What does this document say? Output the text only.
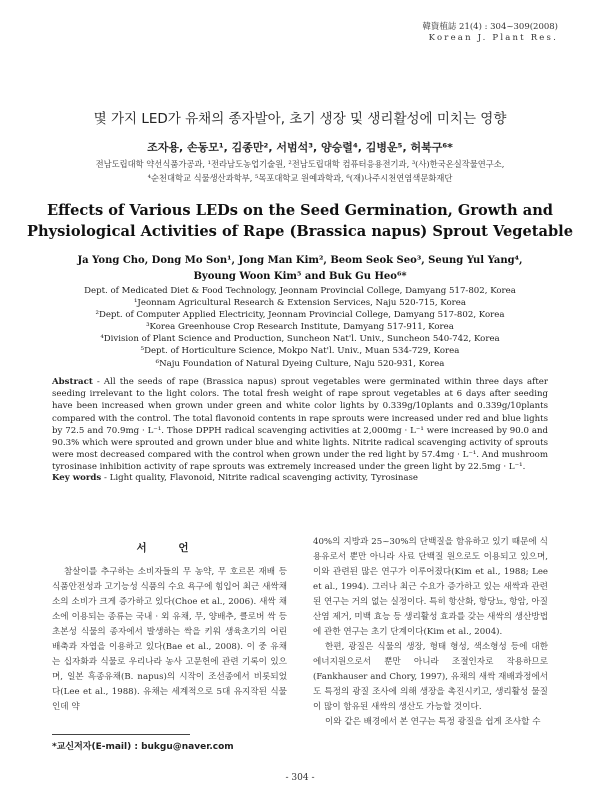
韓資植誌 21(4) : 304~309(2008)
Korean J. Plant Res.
몇 가지 LED가 유채의 종자발아, 초기 생장 및 생리활성에 미치는 영향
조자용, 손동모¹, 김종만², 서범석³, 양승렬⁴, 김병운⁵, 허북구⁶*
전남도립대학 약선식품가공과, ¹전라남도농업기술원, ²전남도립대학 컴퓨터응용전기과, ³(사)한국온실작물연구소,
⁴순천대학교 식물생산과학부, ⁵목포대학교 원예과학과, ⁶(재)나주시천연염색문화재단
Effects of Various LEDs on the Seed Germination, Growth and
Physiological Activities of Rape (Brassica napus) Sprout Vegetable
Ja Yong Cho, Dong Mo Son¹, Jong Man Kim², Beom Seok Seo³, Seung Yul Yang⁴,
Byoung Woon Kim⁵ and Buk Gu Heo⁶*
Dept. of Medicated Diet & Food Technology, Jeonnam Provincial College, Damyang 517-802, Korea
¹Jeonnam Agricultural Research & Extension Services, Naju 520-715, Korea
²Dept. of Computer Applied Electricity, Jeonnam Provincial College, Damyang 517-802, Korea
³Korea Greenhouse Crop Research Institute, Damyang 517-911, Korea
⁴Division of Plant Science and Production, Suncheon Nat'l. Univ., Suncheon 540-742, Korea
⁵Dept. of Horticulture Science, Mokpo Nat'l. Univ., Muan 534-729, Korea
⁶Naju Foundation of Natural Dyeing Culture, Naju 520-931, Korea
Abstract - All the seeds of rape (Brassica napus) sprout vegetables were germinated within three days after seeding irrelevant to the light colors. The total fresh weight of rape sprout vegetables at 6 days after seeding have been increased when grown under green and white color lights by 0.339g/10plants and 0.339g/10plants compared with the control. The total flavonoid contents in rape sprouts were increased under red and blue lights by 72.5 and 70.9mg · L⁻¹. Those DPPH radical scavenging activities at 2,000mg · L⁻¹ were increased by 90.0 and 90.3% which were sprouted and grown under blue and white lights. Nitrite radical scavenging activity of sprouts were most decreased compared with the control when grown under the red light by 57.4mg · L⁻¹. And mushroom tyrosinase inhibition activity of rape sprouts was extremely increased under the green light by 22.5mg · L⁻¹.
Key words - Light quality, Flavonoid, Nitrite radical scavenging activity, Tyrosinase
서 언

참살이를 추구하는 소비자들의 무 농약, 무 호르몬 재배 등 식품안전성과 고기능성 식품의 수요 욕구에 힘입어 최근 새싹채소의 소비가 크게 증가하고 있다(Choe et al., 2006). 새싹 채소에 이용되는 종류는 국내 · 외 유채, 무, 양배추, 클로버 싹 등 초본성 식물의 종자에서 발생하는 싹을 키워 생육초기의 어린 배축과 자엽을 이용하고 있다(Bae et al., 2008). 이 중 유채는 십자화과 식물로 우리나라 농사 고문헌에 관련 기록이 있으며, 일본 흑종유채(B. napus)의 시작이 조선종에서 비롯되었다(Lee et al., 1988). 유채는 세계적으로 5대 유지작된 식물인데 약

40%의 지방과 25~30%의 단백질을 함유하고 있기 때문에 식용유로서 뿐만 아니라 사료 단백질 원으로도 이용되고 있으며, 이와 관련된 많은 연구가 이루어졌다(Kim et al., 1988; Lee et al., 1994). 그러나 최근 수요가 증가하고 있는 새싹과 관련된 연구는 거의 없는 실정이다. 특히 항산화, 항당뇨, 항암, 아질산염 제거, 미백 효능 등 생리활성 효과를 갖는 새싹의 생산방법에 관한 연구는 초기 단계이다(Kim et al., 2004).

한편, 광질은 식물의 생장, 형태 형성, 색소형성 등에 대한 에너지원으로서 뿐만 아니라 조절인자로 작용하므로(Fankhauser and Chory, 1997), 유채의 새싹 재배과정에서도 특정의 광질 조사에 의해 생장을 촉진시키고, 생리활성 물질이 많이 함유된 새싹의 생산도 가능할 것이다.

이와 같은 배경에서 본 연구는 특정 광질을 쉽게 조사할 수

*교신저자(E-mail) : bukgu@naver.com
- 304 -
